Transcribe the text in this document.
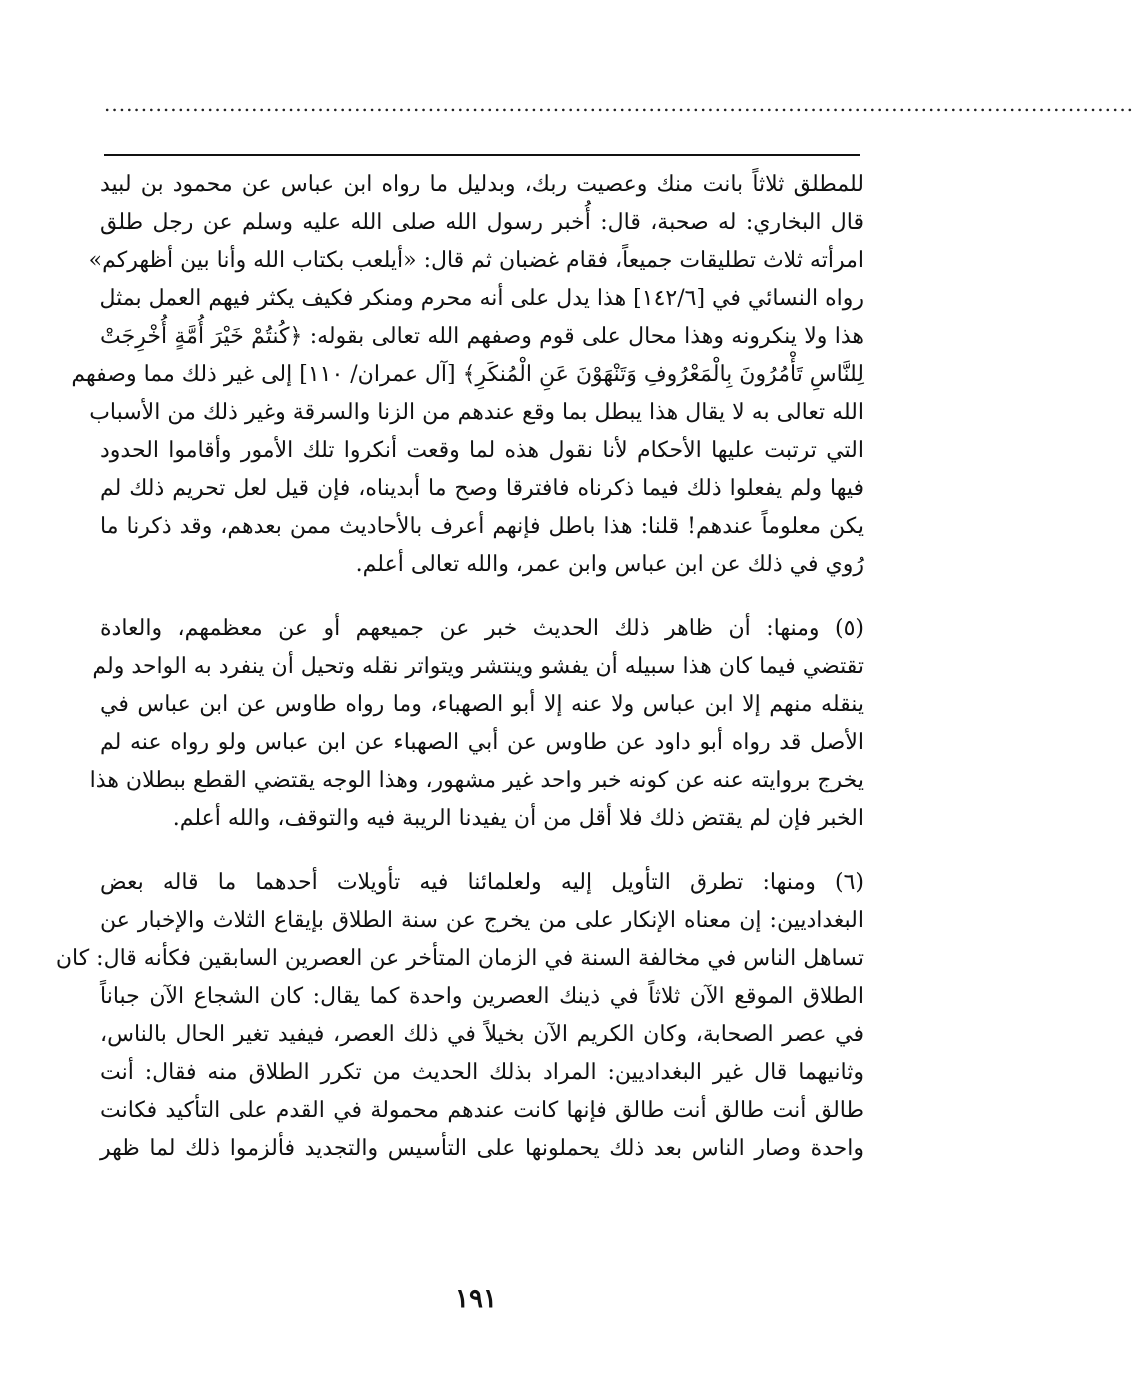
............................................................................................................................................
للمطلق ثلاثاً بانت منك وعصيت ربك، وبدليل ما رواه ابن عباس عن محمود بن لبيد
قال البخاري: له صحبة، قال: أُخبر رسول الله صلى الله عليه وسلم عن رجل طلق
امرأته ثلاث تطليقات جميعاً، فقام غضبان ثم قال: «أيلعب بكتاب الله وأنا بين أظهركم»
رواه النسائي في [١٤٢/٦] هذا يدل على أنه محرم ومنكر فكيف يكثر فيهم العمل بمثل
هذا ولا ينكرونه وهذا محال على قوم وصفهم الله تعالى بقوله: ﴿كُنتُمْ خَيْرَ أُمَّةٍ أُخْرِجَتْ
لِلنَّاسِ تَأْمُرُونَ بِالْمَعْرُوفِ وَتَنْهَوْنَ عَنِ الْمُنكَرِ﴾ [آل عمران/ ١١٠] إلى غير ذلك مما وصفهم
الله تعالى به لا يقال هذا يبطل بما وقع عندهم من الزنا والسرقة وغير ذلك من الأسباب
التي ترتبت عليها الأحكام لأنا نقول هذه لما وقعت أنكروا تلك الأمور وأقاموا الحدود
فيها ولم يفعلوا ذلك فيما ذكرناه فافترقا وصح ما أبديناه، فإن قيل لعل تحريم ذلك لم
يكن معلوماً عندهم! قلنا: هذا باطل فإنهم أعرف بالأحاديث ممن بعدهم، وقد ذكرنا ما
رُوي في ذلك عن ابن عباس وابن عمر، والله تعالى أعلم.
(٥) ومنها: أن ظاهر ذلك الحديث خبر عن جميعهم أو عن معظمهم، والعادة
تقتضي فيما كان هذا سبيله أن يفشو وينتشر ويتواتر نقله وتحيل أن ينفرد به الواحد ولم
ينقله منهم إلا ابن عباس ولا عنه إلا أبو الصهباء، وما رواه طاوس عن ابن عباس في
الأصل قد رواه أبو داود عن طاوس عن أبي الصهباء عن ابن عباس ولو رواه عنه لم
يخرج بروايته عنه عن كونه خبر واحد غير مشهور، وهذا الوجه يقتضي القطع ببطلان هذا
الخبر فإن لم يقتض ذلك فلا أقل من أن يفيدنا الريبة فيه والتوقف، والله أعلم.
(٦) ومنها: تطرق التأويل إليه ولعلمائنا فيه تأويلات أحدهما ما قاله بعض
البغداديين: إن معناه الإنكار على من يخرج عن سنة الطلاق بإيقاع الثلاث والإخبار عن
تساهل الناس في مخالفة السنة في الزمان المتأخر عن العصرين السابقين فكأنه قال: كان
الطلاق الموقع الآن ثلاثاً في ذينك العصرين واحدة كما يقال: كان الشجاع الآن جباناً
في عصر الصحابة، وكان الكريم الآن بخيلاً في ذلك العصر، فيفيد تغير الحال بالناس،
وثانيهما قال غير البغداديين: المراد بذلك الحديث من تكرر الطلاق منه فقال: أنت
طالق أنت طالق أنت طالق فإنها كانت عندهم محمولة في القدم على التأكيد فكانت
واحدة وصار الناس بعد ذلك يحملونها على التأسيس والتجديد فألزموا ذلك لما ظهر
١٩١
